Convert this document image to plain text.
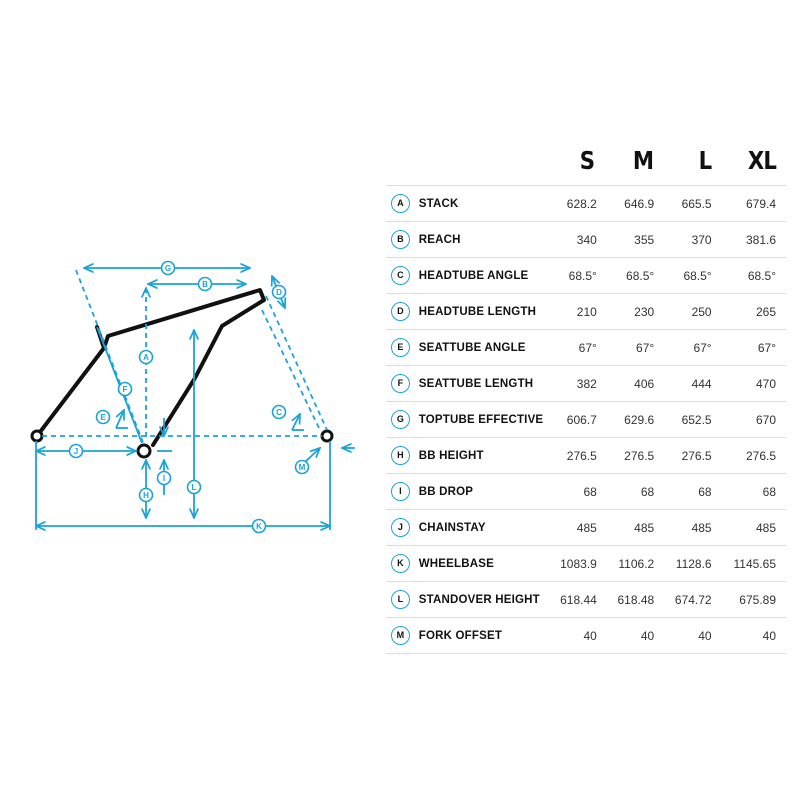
A
B
C
D
E
F
G
H
I
J
K
L
M
S	M	L	XL
A	STACK	628.2	646.9	665.5	679.4
B	REACH	340	355	370	381.6
C	HEADTUBE ANGLE	68.5°	68.5°	68.5°	68.5°
D	HEADTUBE LENGTH	210	230	250	265
E	SEATTUBE ANGLE	67°	67°	67°	67°
F	SEATTUBE LENGTH	382	406	444	470
G	TOPTUBE EFFECTIVE	606.7	629.6	652.5	670
H	BB HEIGHT	276.5	276.5	276.5	276.5
I	BB DROP	68	68	68	68
J	CHAINSTAY	485	485	485	485
K	WHEELBASE	1083.9	1106.2	1128.6	1145.65
L	STANDOVER HEIGHT	618.44	618.48	674.72	675.89
M	FORK OFFSET	40	40	40	40
